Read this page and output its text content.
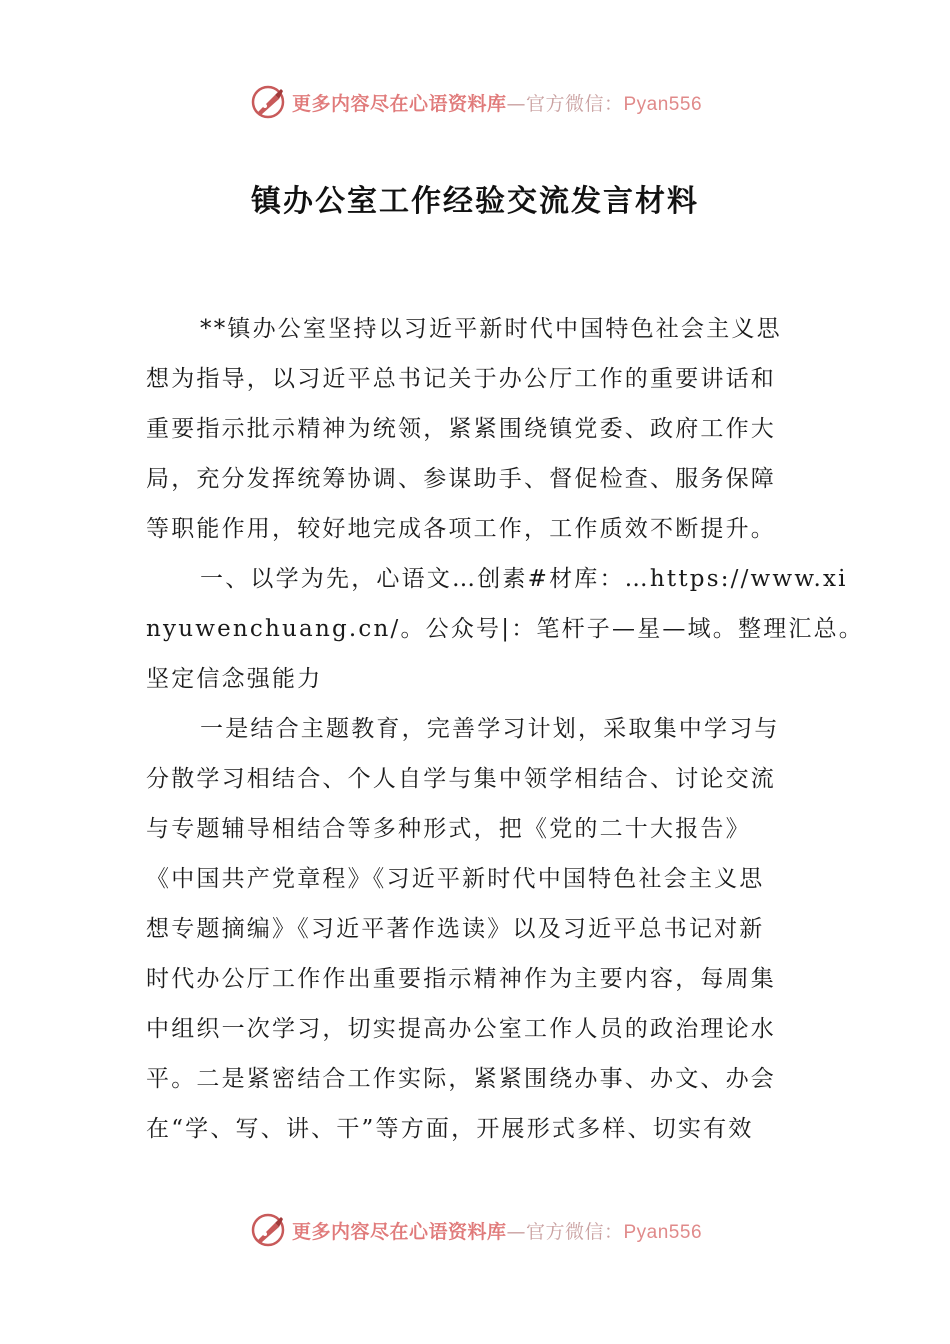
更多内容尽在心语资料库—官方微信：Pyan556
镇办公室工作经验交流发言材料
**镇办公室坚持以习近平新时代中国特色社会主义思
想为指导，以习近平总书记关于办公厅工作的重要讲话和
重要指示批示精神为统领，紧紧围绕镇党委、政府工作大
局，充分发挥统筹协调、参谋助手、督促检查、服务保障
等职能作用，较好地完成各项工作，工作质效不断提升。
一、以学为先，心语文…创素#材库：…https://www.xi
nyuwenchuang.cn/。公众号|：笔杆子—星—域。整理汇总。
坚定信念强能力
一是结合主题教育，完善学习计划，采取集中学习与
分散学习相结合、个人自学与集中领学相结合、讨论交流
与专题辅导相结合等多种形式，把《党的二十大报告》
《中国共产党章程》《习近平新时代中国特色社会主义思
想专题摘编》《习近平著作选读》以及习近平总书记对新
时代办公厅工作作出重要指示精神作为主要内容，每周集
中组织一次学习，切实提高办公室工作人员的政治理论水
平。二是紧密结合工作实际，紧紧围绕办事、办文、办会
在“学、写、讲、干”等方面，开展形式多样、切实有效
更多内容尽在心语资料库—官方微信：Pyan556
